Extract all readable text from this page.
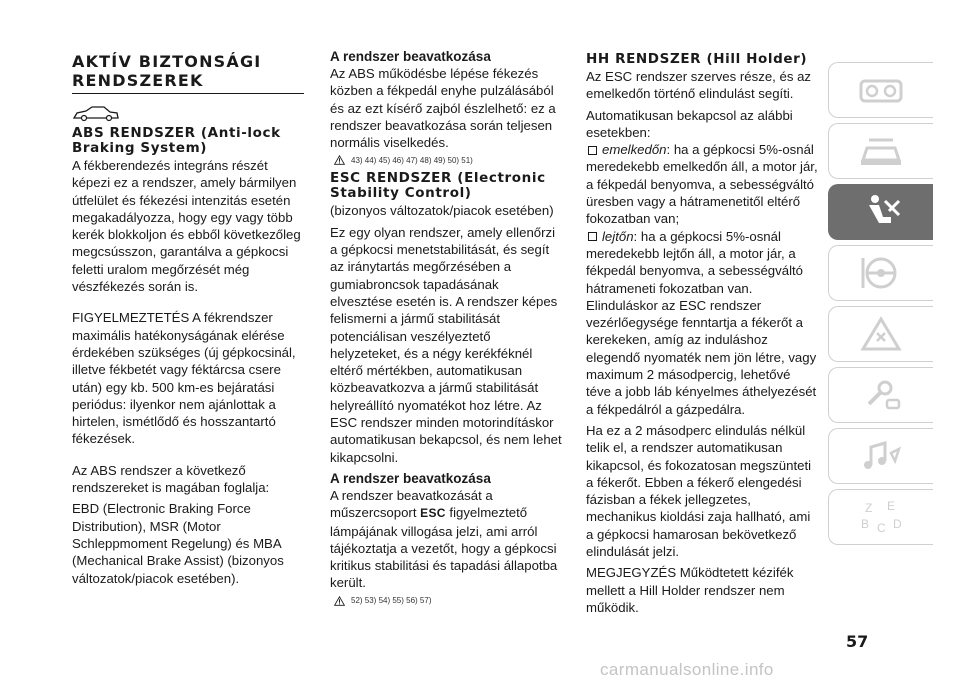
AKTÍV BIZTONSÁGI RENDSZEREK
ABS RENDSZER (Anti-lock Braking System)

A fékberendezés integráns részét képezi ez a rendszer, amely bármilyen útfelület és fékezési intenzitás esetén megakadályozza, hogy egy vagy több kerék blokkoljon és ebből következőleg megcsússzon, garantálva a gépkocsi feletti uralom megőrzését még vészfékezés során is.

FIGYELMEZTETÉS A fékrendszer maximális hatékonyságának elérése érdekében szükséges (új gépkocsinál, illetve fékbetét vagy féktárcsa csere után) egy kb. 500 km-es bejáratási periódus: ilyenkor nem ajánlottak a hirtelen, ismétlődő és hosszantartó fékezések.

Az ABS rendszer a következő rendszereket is magában foglalja:

EBD (Electronic Braking Force Distribution), MSR (Motor Schleppmoment Regelung) és MBA (Mechanical Brake Assist) (bizonyos változatok/piacok esetében).

A rendszer beavatkozása

Az ABS működésbe lépése fékezés közben a fékpedál enyhe pulzálásából és az ezt kísérő zajból észlelhető: ez a rendszer beavatkozása során teljesen normális viselkedés.

43) 44) 45) 46) 47) 48) 49) 50) 51)
ESC RENDSZER (Electronic Stability Control)

(bizonyos változatok/piacok esetében)

Ez egy olyan rendszer, amely ellenőrzi a gépkocsi menetstabilitását, és segít az iránytartás megőrzésében a gumiabroncsok tapadásának elvesztése esetén is. A rendszer képes felismerni a jármű stabilitását potenciálisan veszélyeztető helyzeteket, és a négy kerékféknél eltérő mértékben, automatikusan közbeavatkozva a jármű stabilitását helyreállító nyomatékot hoz létre. Az ESC rendszer minden motorindításkor automatikusan bekapcsol, és nem lehet kikapcsolni.

A rendszer beavatkozása

A rendszer beavatkozását a műszercsoport ESC figyelmeztető lámpájának villogása jelzi, ami arról tájékoztatja a vezetőt, hogy a gépkocsi kritikus stabilitási és tapadási állapotba került.

52) 53) 54) 55) 56) 57)
HH RENDSZER (Hill Holder)

Az ESC rendszer szerves része, és az emelkedőn történő elindulást segíti.

Automatikusan bekapcsol az alábbi esetekben:

emelkedőn: ha a gépkocsi 5%-osnál meredekebb emelkedőn áll, a motor jár, a fékpedál benyomva, a sebességváltó üresben vagy a hátramenetitől eltérő fokozatban van;
lejtőn: ha a gépkocsi 5%-osnál meredekebb lejtőn áll, a motor jár, a fékpedál benyomva, a sebességváltó hátrameneti fokozatban van.

Elinduláskor az ESC rendszer vezérlőegysége fenntartja a fékerőt a kerekeken, amíg az induláshoz elegendő nyomaték nem jön létre, vagy maximum 2 másodpercig, lehetővé téve a jobb láb kényelmes áthelyezését a fékpedálról a gázpedálra.

Ha ez a 2 másodperc elindulás nélkül telik el, a rendszer automatikusan kikapcsol, és fokozatosan megszünteti a fékerőt. Ebben a fékerő elengedési fázisban a fékek jellegzetes, mechanikus kioldási zaja hallható, ami a gépkocsi hamarosan bekövetkező elindulását jelzi.

MEGJEGYZÉS Működtetett kézifék mellett a Hill Holder rendszer nem működik.

Z E
B C D
57
carmanualsonline.info
